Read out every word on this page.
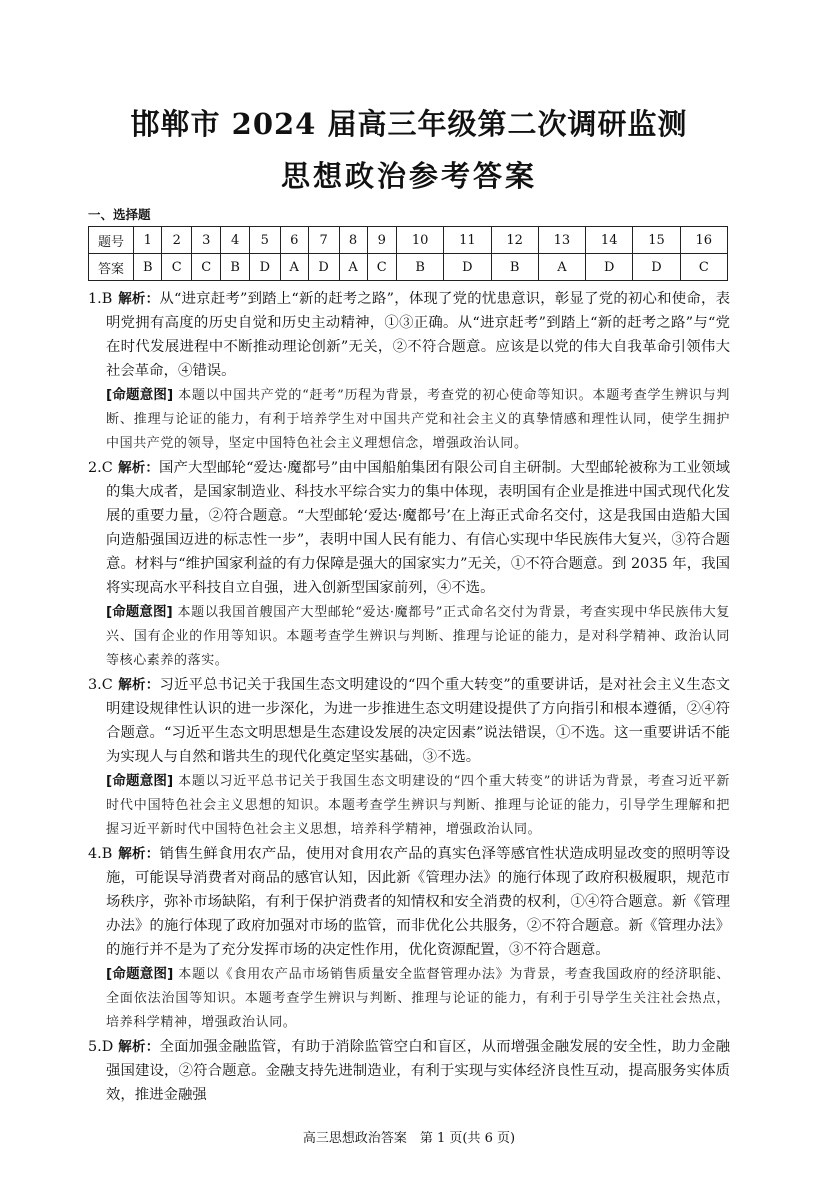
邯郸市 2024 届高三年级第二次调研监测
思想政治参考答案
一、选择题
题号	1	2	3	4	5	6	7	8	9	10	11	12	13	14	15	16
答案	B	C	C	B	D	A	D	A	C	B	D	B	A	D	D	C
1.B 解析：从“进京赶考”到踏上“新的赶考之路”，体现了党的忧患意识，彰显了党的初心和使命，表明党拥有高度的历史自觉和历史主动精神，①③正确。从“进京赶考”到踏上“新的赶考之路”与“党在时代发展进程中不断推动理论创新”无关，②不符合题意。应该是以党的伟大自我革命引领伟大社会革命，④错误。
[命题意图] 本题以中国共产党的“赶考”历程为背景，考查党的初心使命等知识。本题考查学生辨识与判断、推理与论证的能力，有利于培养学生对中国共产党和社会主义的真挚情感和理性认同，使学生拥护中国共产党的领导，坚定中国特色社会主义理想信念，增强政治认同。
2.C 解析：国产大型邮轮“爱达·魔都号”由中国船舶集团有限公司自主研制。大型邮轮被称为工业领域的集大成者，是国家制造业、科技水平综合实力的集中体现，表明国有企业是推进中国式现代化发展的重要力量，②符合题意。“大型邮轮‘爱达·魔都号’在上海正式命名交付，这是我国由造船大国向造船强国迈进的标志性一步”，表明中国人民有能力、有信心实现中华民族伟大复兴，③符合题意。材料与“维护国家利益的有力保障是强大的国家实力”无关，①不符合题意。到 2035 年，我国将实现高水平科技自立自强，进入创新型国家前列，④不选。
[命题意图] 本题以我国首艘国产大型邮轮“爱达·魔都号”正式命名交付为背景，考查实现中华民族伟大复兴、国有企业的作用等知识。本题考查学生辨识与判断、推理与论证的能力，是对科学精神、政治认同等核心素养的落实。
3.C 解析：习近平总书记关于我国生态文明建设的“四个重大转变”的重要讲话，是对社会主义生态文明建设规律性认识的进一步深化，为进一步推进生态文明建设提供了方向指引和根本遵循，②④符合题意。“习近平生态文明思想是生态建设发展的决定因素”说法错误，①不选。这一重要讲话不能为实现人与自然和谐共生的现代化奠定坚实基础，③不选。
[命题意图] 本题以习近平总书记关于我国生态文明建设的“四个重大转变”的讲话为背景，考查习近平新时代中国特色社会主义思想的知识。本题考查学生辨识与判断、推理与论证的能力，引导学生理解和把握习近平新时代中国特色社会主义思想，培养科学精神，增强政治认同。
4.B 解析：销售生鲜食用农产品，使用对食用农产品的真实色泽等感官性状造成明显改变的照明等设施，可能误导消费者对商品的感官认知，因此新《管理办法》的施行体现了政府积极履职，规范市场秩序，弥补市场缺陷，有利于保护消费者的知情权和安全消费的权利，①④符合题意。新《管理办法》的施行体现了政府加强对市场的监管，而非优化公共服务，②不符合题意。新《管理办法》的施行并不是为了充分发挥市场的决定性作用，优化资源配置，③不符合题意。
[命题意图] 本题以《食用农产品市场销售质量安全监督管理办法》为背景，考查我国政府的经济职能、全面依法治国等知识。本题考查学生辨识与判断、推理与论证的能力，有利于引导学生关注社会热点，培养科学精神，增强政治认同。
5.D 解析：全面加强金融监管，有助于消除监管空白和盲区，从而增强金融发展的安全性，助力金融强国建设，②符合题意。金融支持先进制造业，有利于实现与实体经济良性互动，提高服务实体质效，推进金融强
高三思想政治答案　第 1 页(共 6 页)
